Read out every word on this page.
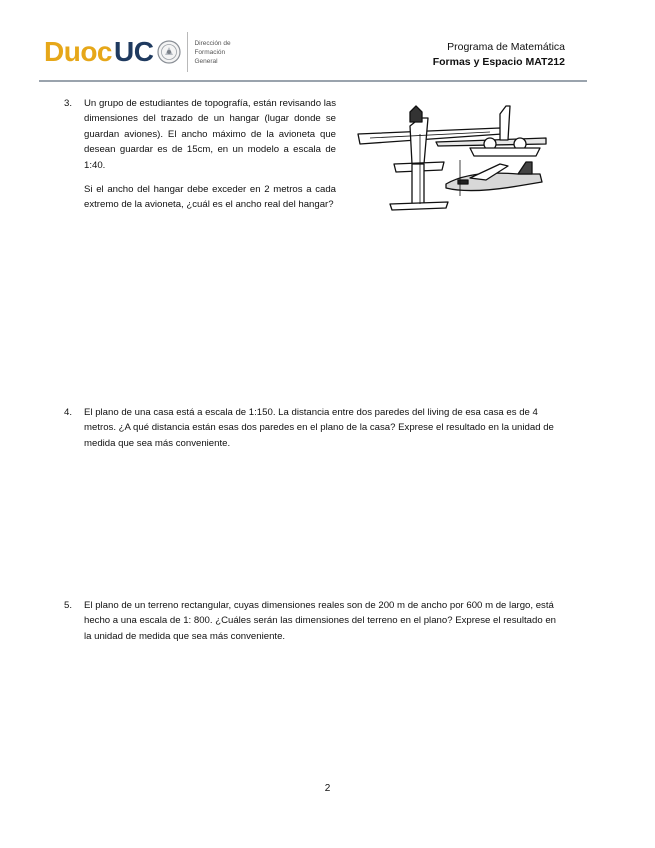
Duoc UC	Dirección de
Formación
General
Programa de Matemática
Formas y Espacio MAT212
3. Un grupo de estudiantes de topografía, están revisando las dimensiones del trazado de un hangar (lugar donde se guardan aviones). El ancho máximo de la avioneta que desean guardar es de 15cm, en un modelo a escala de 1:40.
Si el ancho del hangar debe exceder en 2 metros a cada extremo de la avioneta, ¿cuál es el ancho real del hangar?
4. El plano de una casa está a escala de 1:150. La distancia entre dos paredes del living de esa casa es de 4 metros. ¿A qué distancia están esas dos paredes en el plano de la casa? Exprese el resultado en la unidad de medida que sea más conveniente.
5. El plano de un terreno rectangular, cuyas dimensiones reales son de 200 m de ancho por 600 m de largo, está hecho a una escala de 1: 800. ¿Cuáles serán las dimensiones del terreno en el plano? Exprese el resultado en la unidad de medida que sea más conveniente.
2
